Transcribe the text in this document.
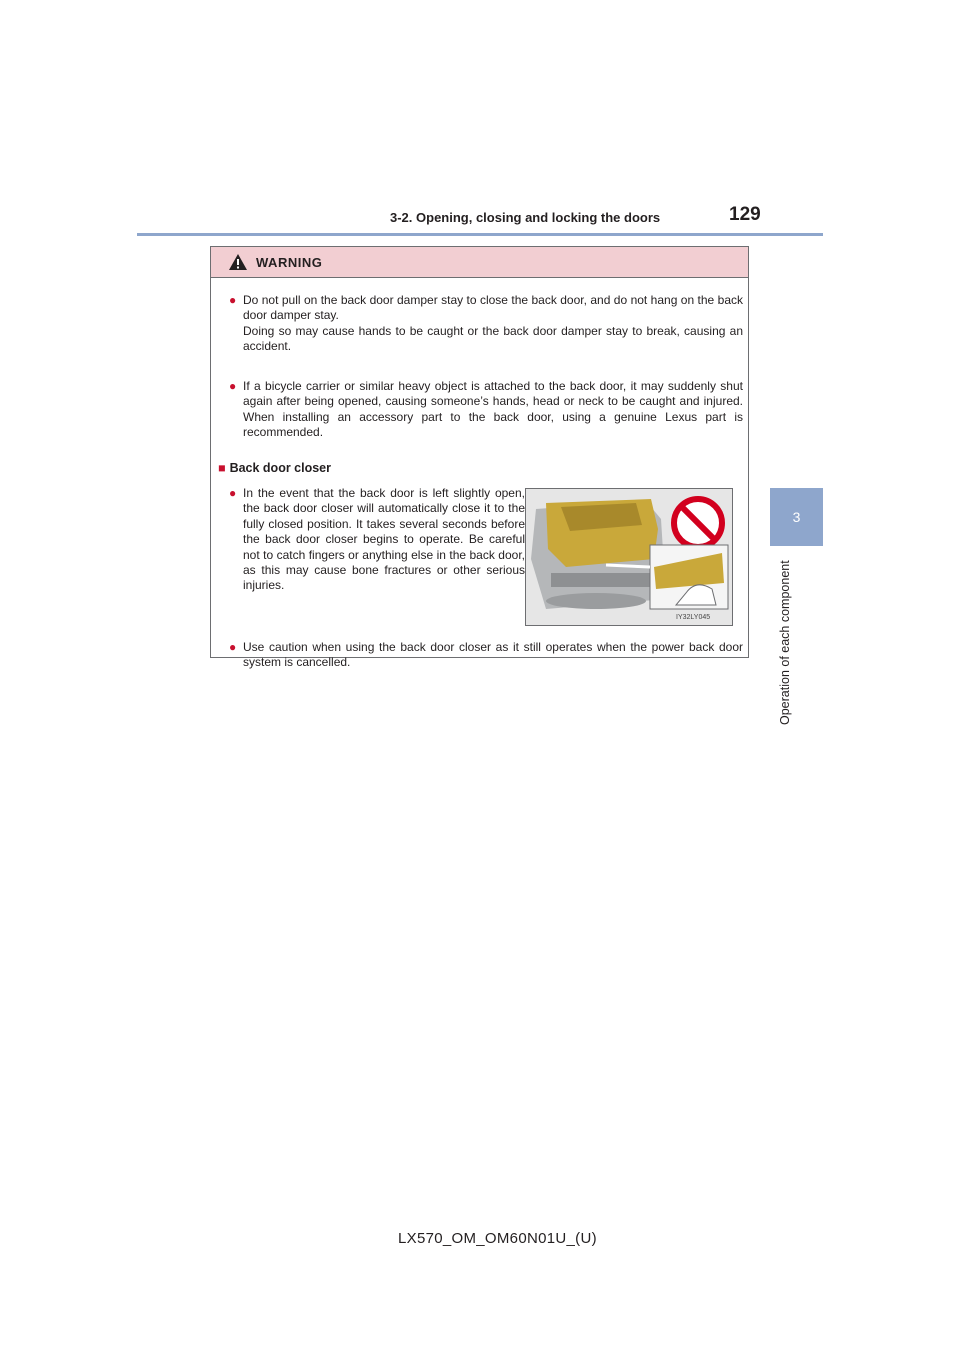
3-2. Opening, closing and locking the doors	129
3
Operation of each component
WARNING
● Do not pull on the back door damper stay to close the back door, and do not hang on the back door damper stay.
Doing so may cause hands to be caught or the back door damper stay to break, causing an accident.
● If a bicycle carrier or similar heavy object is attached to the back door, it may suddenly shut again after being opened, causing someone’s hands, head or neck to be caught and injured. When installing an accessory part to the back door, using a genuine Lexus part is recommended.
■ Back door closer
● In the event that the back door is left slightly open, the back door closer will automatically close it to the fully closed position. It takes several seconds before the back door closer begins to operate. Be careful not to catch fingers or anything else in the back door, as this may cause bone fractures or other serious injuries.
IY32LY045
● Use caution when using the back door closer as it still operates when the power back door system is cancelled.
LX570_OM_OM60N01U_(U)
